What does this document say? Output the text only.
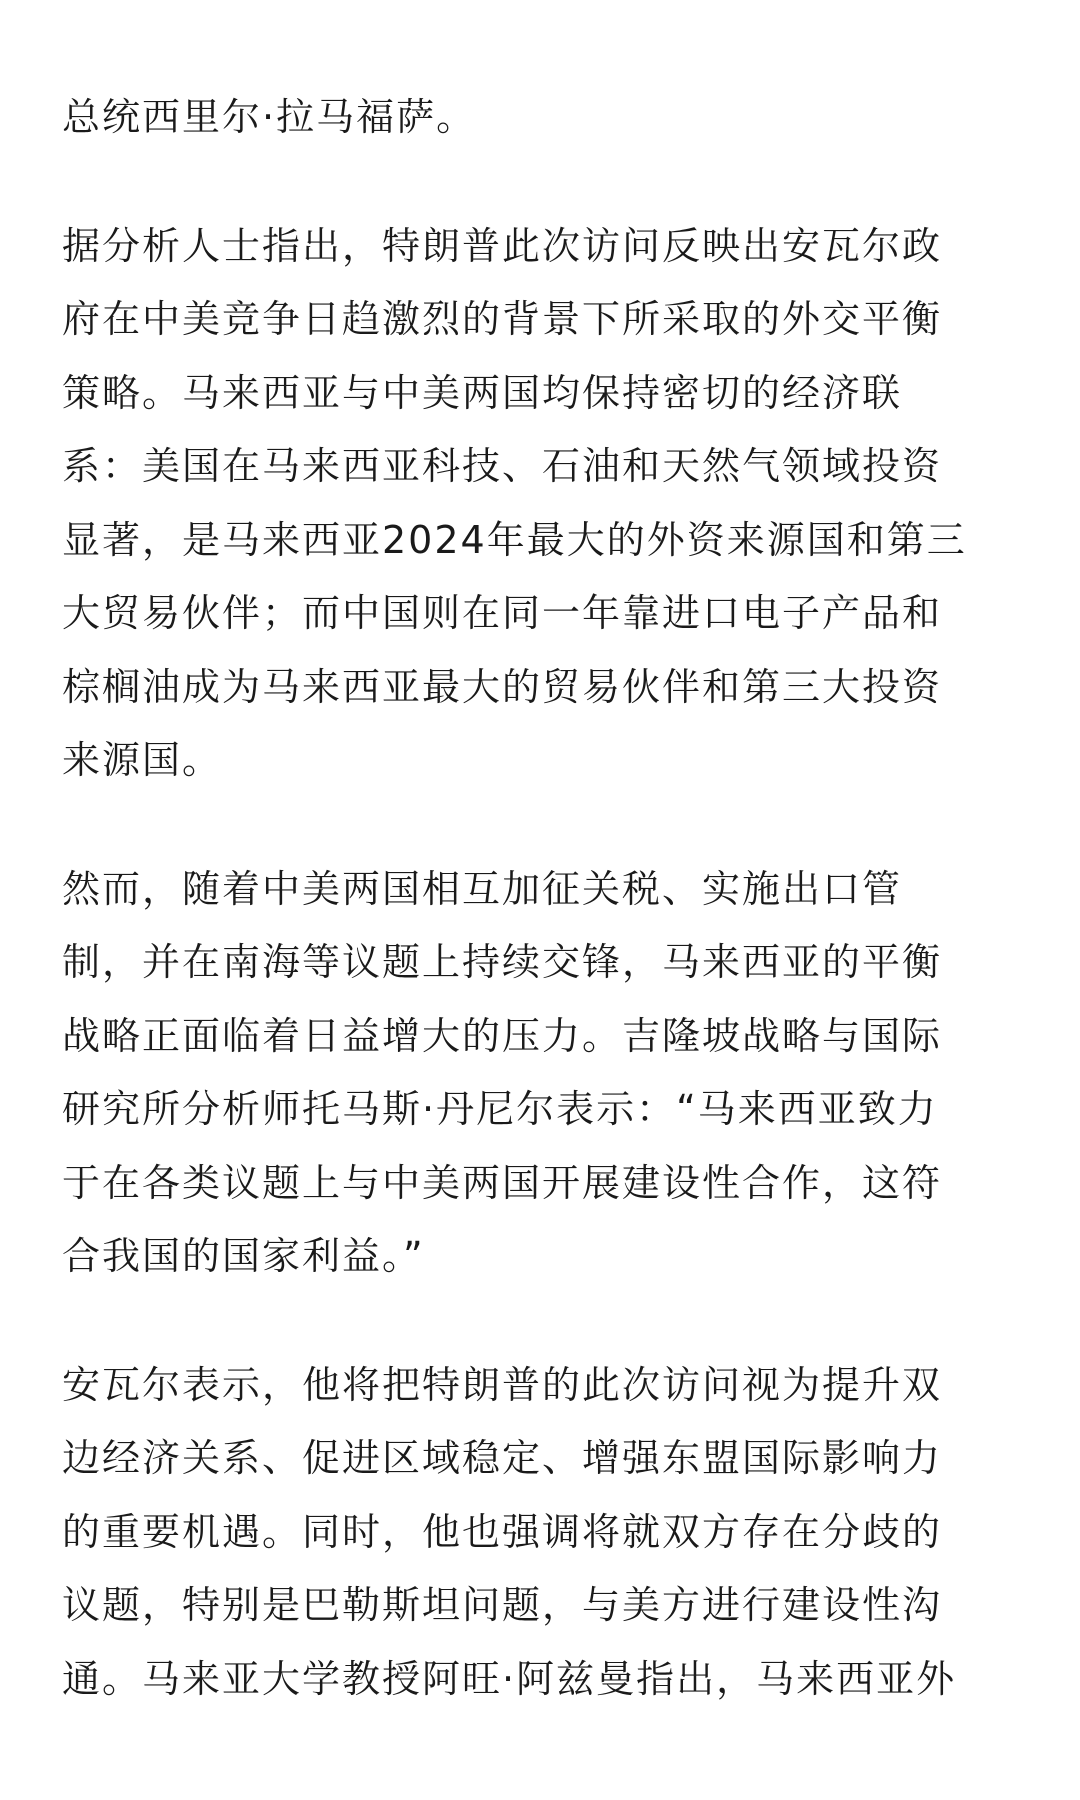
总统西里尔·拉马福萨。

据分析人士指出，特朗普此次访问反映出安瓦尔政
府在中美竞争日趋激烈的背景下所采取的外交平衡
策略。马来西亚与中美两国均保持密切的经济联
系：美国在马来西亚科技、石油和天然气领域投资
显著，是马来西亚2024年最大的外资来源国和第三
大贸易伙伴；而中国则在同一年靠进口电子产品和
棕榈油成为马来西亚最大的贸易伙伴和第三大投资
来源国。

然而，随着中美两国相互加征关税、实施出口管
制，并在南海等议题上持续交锋，马来西亚的平衡
战略正面临着日益增大的压力。吉隆坡战略与国际
研究所分析师托马斯·丹尼尔表示：“马来西亚致力
于在各类议题上与中美两国开展建设性合作，这符
合我国的国家利益。”

安瓦尔表示，他将把特朗普的此次访问视为提升双
边经济关系、促进区域稳定、增强东盟国际影响力
的重要机遇。同时，他也强调将就双方存在分歧的
议题，特别是巴勒斯坦问题，与美方进行建设性沟
通。马来亚大学教授阿旺·阿兹曼指出，马来西亚外
